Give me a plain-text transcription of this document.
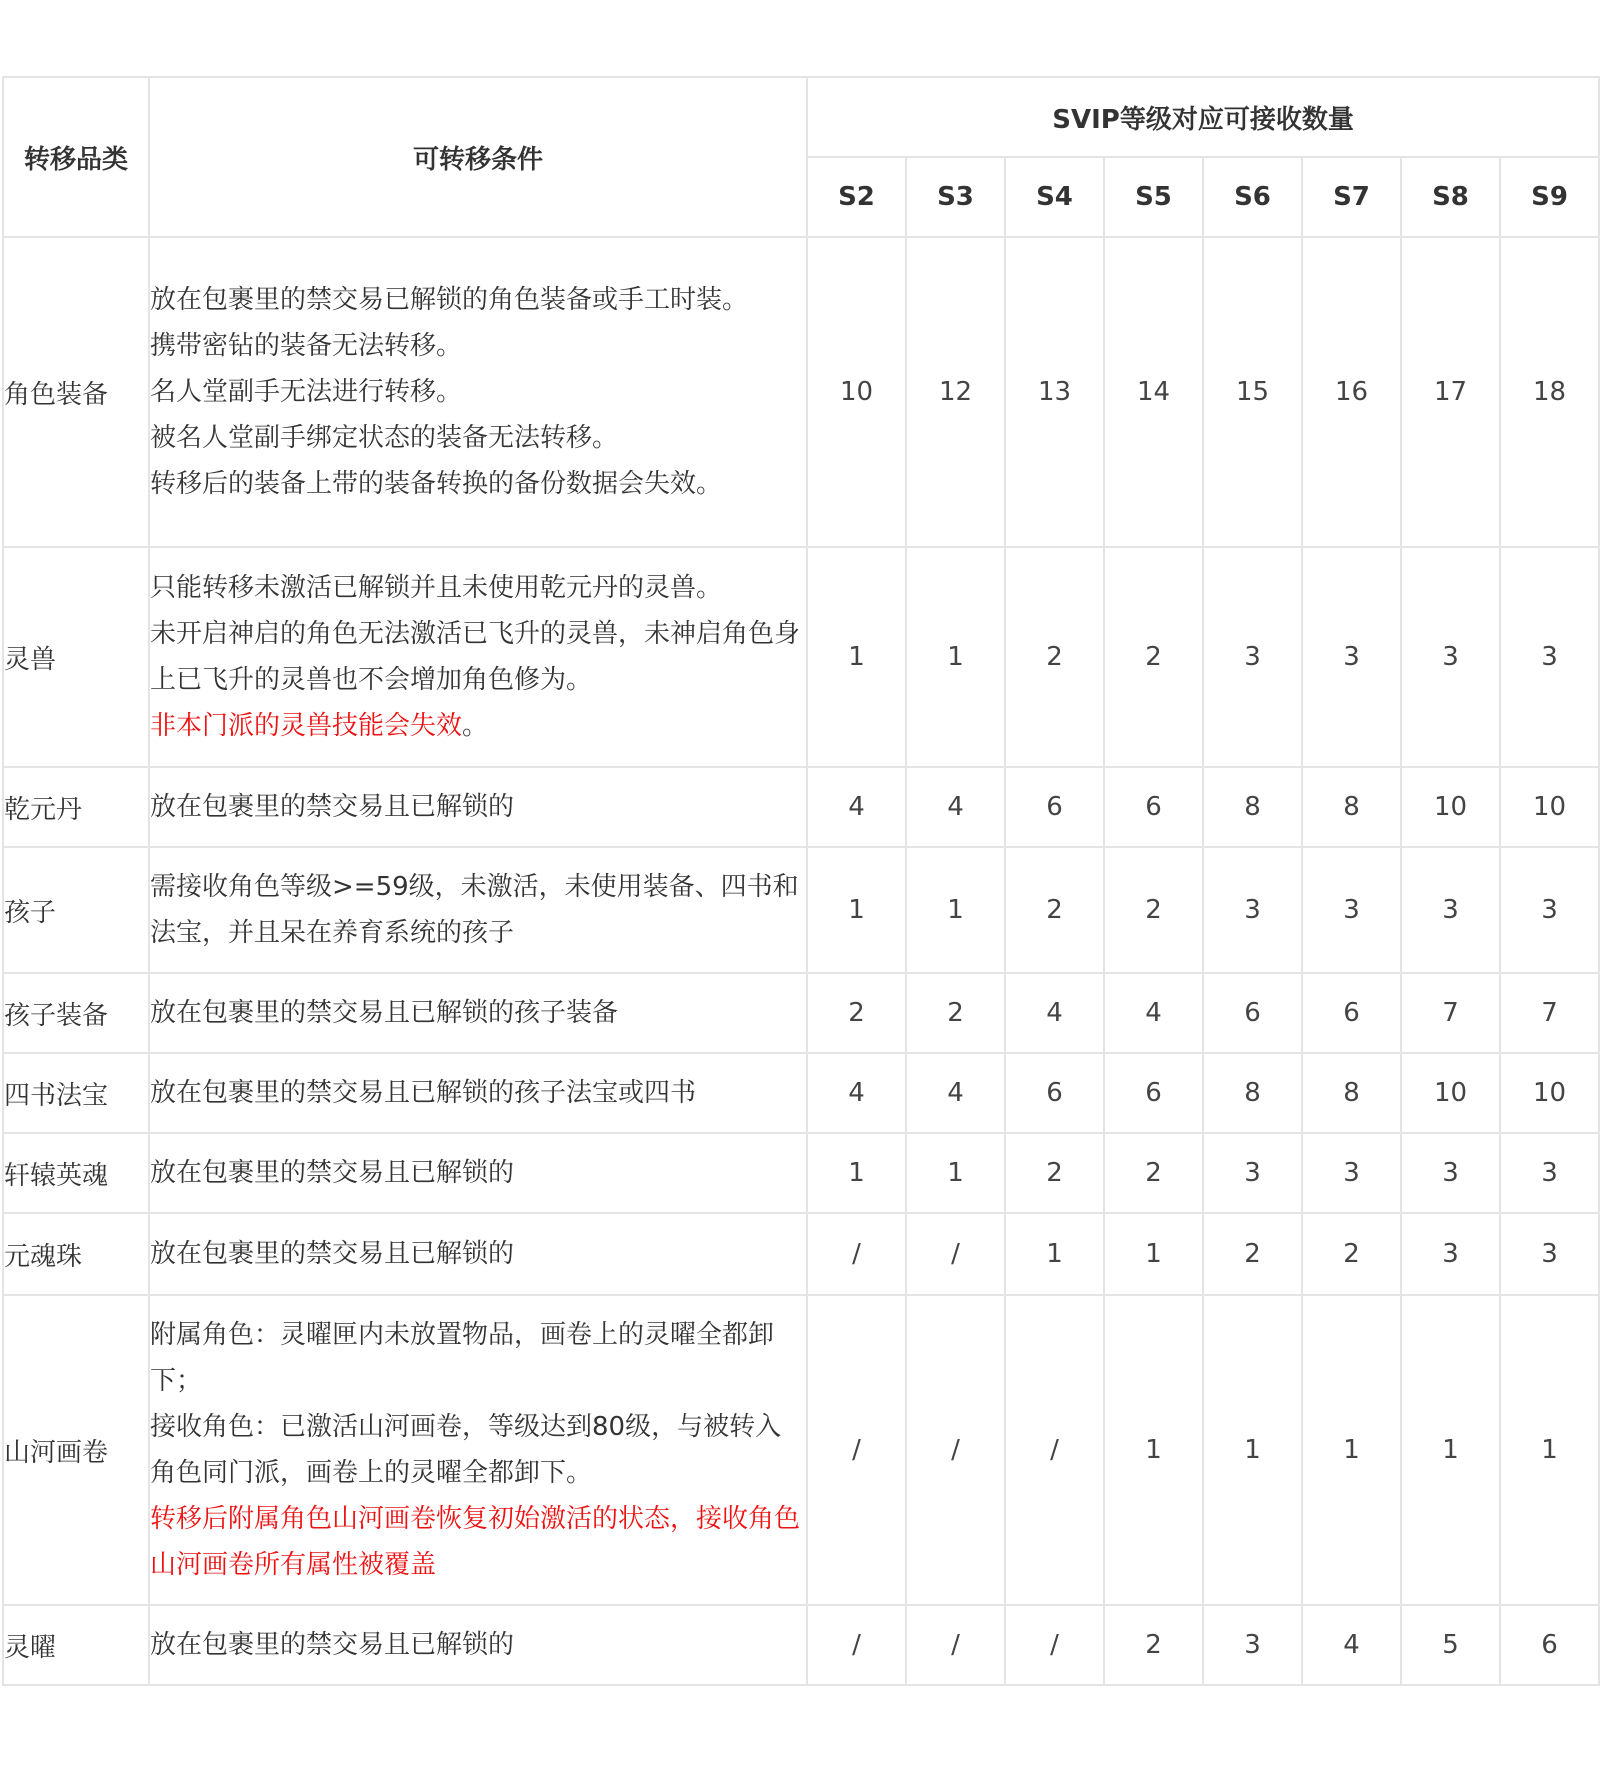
转移品类	可转移条件	SVIP等级对应可接收数量							
		S2	S3	S4	S5	S6	S7	S8	S9
角色装备	放在包裹里的禁交易已解锁的角色装备或手工时装。
携带密钻的装备无法转移。
名人堂副手无法进行转移。
被名人堂副手绑定状态的装备无法转移。
转移后的装备上带的装备转换的备份数据会失效。	10	12	13	14	15	16	17	18
灵兽	只能转移未激活已解锁并且未使用乾元丹的灵兽。
未开启神启的角色无法激活已飞升的灵兽，未神启角色身上已飞升的灵兽也不会增加角色修为。
非本门派的灵兽技能会失效。	1	1	2	2	3	3	3	3
乾元丹	放在包裹里的禁交易且已解锁的	4	4	6	6	8	8	10	10
孩子	需接收角色等级>=59级，未激活，未使用装备、四书和法宝，并且呆在养育系统的孩子	1	1	2	2	3	3	3	3
孩子装备	放在包裹里的禁交易且已解锁的孩子装备	2	2	4	4	6	6	7	7
四书法宝	放在包裹里的禁交易且已解锁的孩子法宝或四书	4	4	6	6	8	8	10	10
轩辕英魂	放在包裹里的禁交易且已解锁的	1	1	2	2	3	3	3	3
元魂珠	放在包裹里的禁交易且已解锁的	/	/	1	1	2	2	3	3
山河画卷	附属角色：灵曜匣内未放置物品，画卷上的灵曜全都卸下；
接收角色：已激活山河画卷，等级达到80级，与被转入角色同门派，画卷上的灵曜全都卸下。
转移后附属角色山河画卷恢复初始激活的状态，接收角色山河画卷所有属性被覆盖	/	/	/	1	1	1	1	1
灵曜	放在包裹里的禁交易且已解锁的	/	/	/	2	3	4	5	6
